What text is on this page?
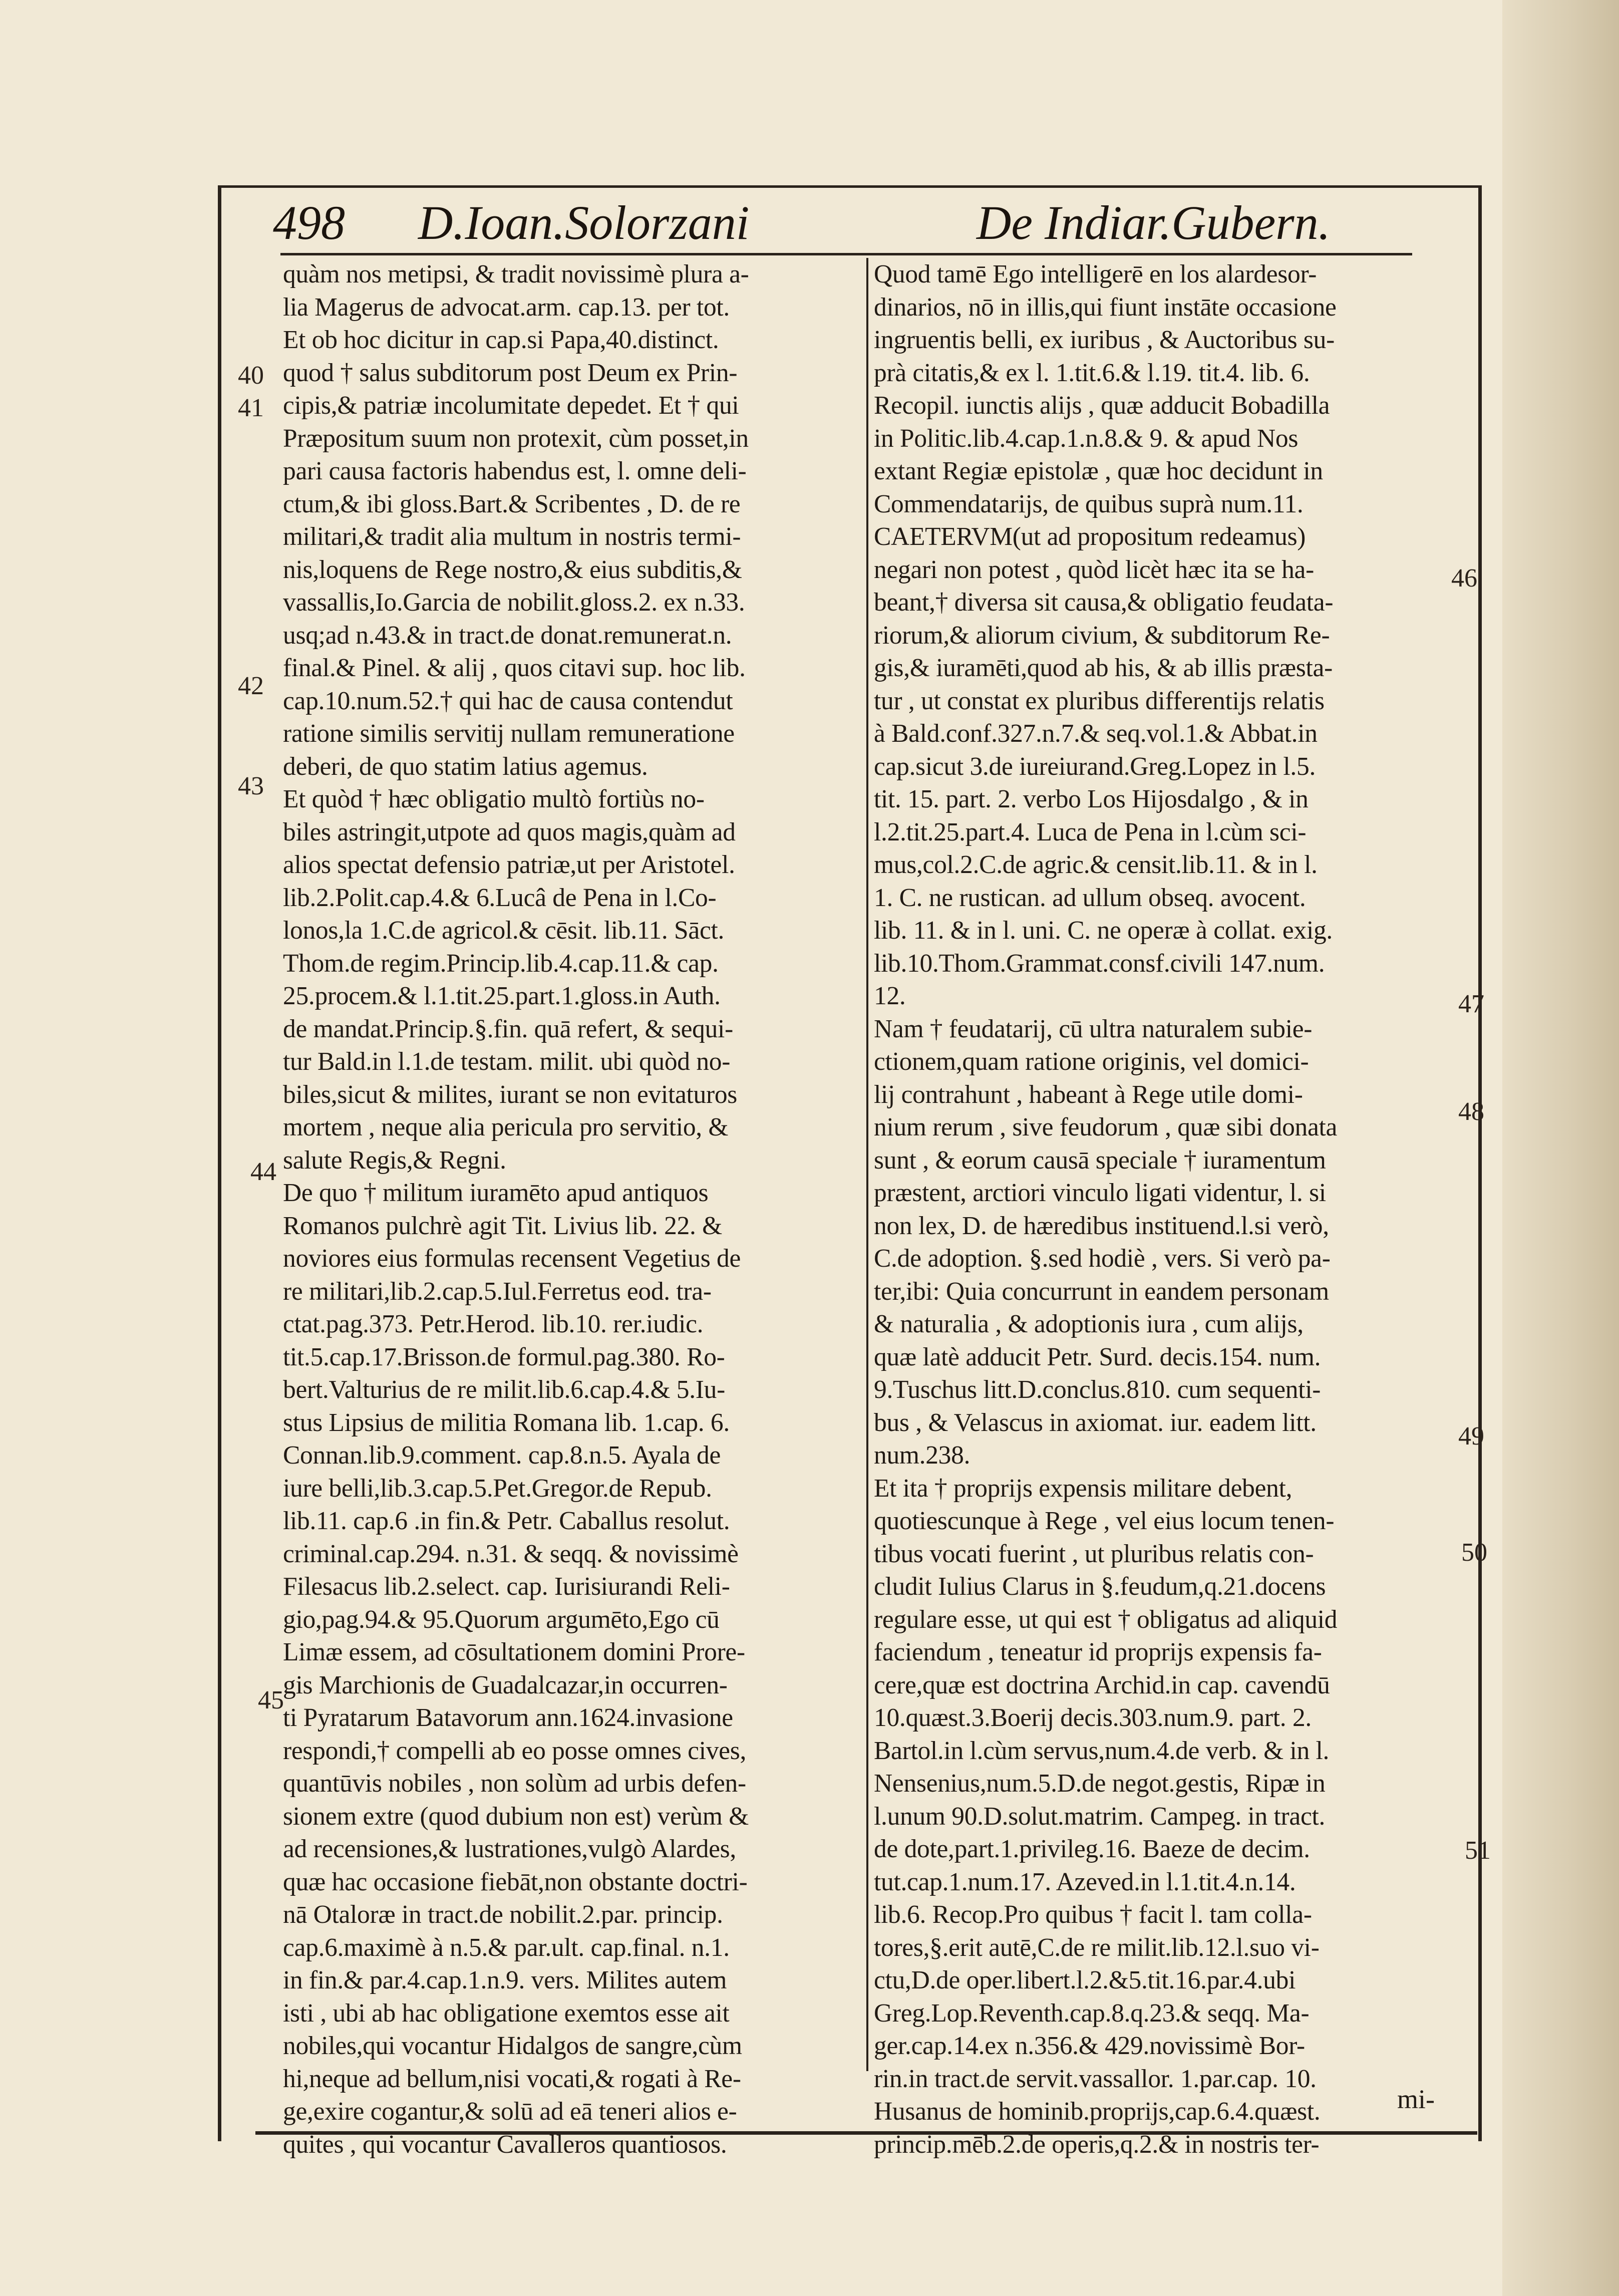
498 D.Ioan.Solorzani	De Indiar.Gubern.
quàm nos metipsi, & tradit novissimè plura a-
lia Magerus de advocat.arm. cap.13. per tot.
Et ob hoc dicitur in cap.si Papa,40.distinct.
quod † salus subditorum post Deum ex Prin-
cipis,& patriæ incolumitate depedet. Et † qui
Præpositum suum non protexit, cùm posset,in
pari causa factoris habendus est, l. omne deli-
ctum,& ibi gloss.Bart.& Scribentes , D. de re
militari,& tradit alia multum in nostris termi-
nis,loquens de Rege nostro,& eius subditis,&
vassallis,Io.Garcia de nobilit.gloss.2. ex n.33.
usq;ad n.43.& in tract.de donat.remunerat.n.
final.& Pinel. & alij , quos citavi sup. hoc lib.
cap.10.num.52.† qui hac de causa contendut
ratione similis servitij nullam remuneratione
deberi, de quo statim latius agemus.
Et quòd † hæc obligatio multò fortiùs no-
biles astringit,utpote ad quos magis,quàm ad
alios spectat defensio patriæ,ut per Aristotel.
lib.2.Polit.cap.4.& 6.Lucâ de Pena in l.Co-
lonos,la 1.C.de agricol.& cēsit. lib.11. Sāct.
Thom.de regim.Princip.lib.4.cap.11.& cap.
25.procem.& l.1.tit.25.part.1.gloss.in Auth.
de mandat.Princip.§.fin. quā refert, & sequi-
tur Bald.in l.1.de testam. milit. ubi quòd no-
biles,sicut & milites, iurant se non evitaturos
mortem , neque alia pericula pro servitio, &
salute Regis,& Regni.
De quo † militum iuramēto apud antiquos
Romanos pulchrè agit Tit. Livius lib. 22. &
noviores eius formulas recensent Vegetius de
re militari,lib.2.cap.5.Iul.Ferretus eod. tra-
ctat.pag.373. Petr.Herod. lib.10. rer.iudic.
tit.5.cap.17.Brisson.de formul.pag.380. Ro-
bert.Valturius de re milit.lib.6.cap.4.& 5.Iu-
stus Lipsius de militia Romana lib. 1.cap. 6.
Connan.lib.9.comment. cap.8.n.5. Ayala de
iure belli,lib.3.cap.5.Pet.Gregor.de Repub.
lib.11. cap.6 .in fin.& Petr. Caballus resolut.
criminal.cap.294. n.31. & seqq. & novissimè
Filesacus lib.2.select. cap. Iurisiurandi Reli-
gio,pag.94.& 95.Quorum argumēto,Ego cū
Limæ essem, ad cōsultationem domini Prore-
gis Marchionis de Guadalcazar,in occurren-
ti Pyratarum Batavorum ann.1624.invasione
respondi,† compelli ab eo posse omnes cives,
quantūvis nobiles , non solùm ad urbis defen-
sionem extre (quod dubium non est) verùm &
ad recensiones,& lustrationes,vulgò Alardes,
quæ hac occasione fiebāt,non obstante doctri-
nā Otaloræ in tract.de nobilit.2.par. princip.
cap.6.maximè à n.5.& par.ult. cap.final. n.1.
in fin.& par.4.cap.1.n.9. vers. Milites autem
isti , ubi ab hac obligatione exemtos esse ait
nobiles,qui vocantur Hidalgos de sangre,cùm
hi,neque ad bellum,nisi vocati,& rogati à Re-
ge,exire cogantur,& solū ad eā teneri alios e-
quites , qui vocantur Cavalleros quantiosos.
Quod tamē Ego intelligerē en los alardesor-
dinarios, nō in illis,qui fiunt instāte occasione
ingruentis belli, ex iuribus , & Auctoribus su-
prà citatis,& ex l. 1.tit.6.& l.19. tit.4. lib. 6.
Recopil. iunctis alijs , quæ adducit Bobadilla
in Politic.lib.4.cap.1.n.8.& 9. & apud Nos
extant Regiæ epistolæ , quæ hoc decidunt in
Commendatarijs, de quibus suprà num.11.
CAETERVM(ut ad propositum redeamus)
negari non potest , quòd licèt hæc ita se ha-
beant,† diversa sit causa,& obligatio feudata-
riorum,& aliorum civium, & subditorum Re-
gis,& iuramēti,quod ab his, & ab illis præsta-
tur , ut constat ex pluribus differentijs relatis
à Bald.conf.327.n.7.& seq.vol.1.& Abbat.in
cap.sicut 3.de iureiurand.Greg.Lopez in l.5.
tit. 15. part. 2. verbo Los Hijosdalgo , & in
l.2.tit.25.part.4. Luca de Pena in l.cùm sci-
mus,col.2.C.de agric.& censit.lib.11. & in l.
1. C. ne rustican. ad ullum obseq. avocent.
lib. 11. & in l. uni. C. ne operæ à collat. exig.
lib.10.Thom.Grammat.consf.civili 147.num.
12.
Nam † feudatarij, cū ultra naturalem subie-
ctionem,quam ratione originis, vel domici-
lij contrahunt , habeant à Rege utile domi-
nium rerum , sive feudorum , quæ sibi donata
sunt , & eorum causā speciale † iuramentum
præstent, arctiori vinculo ligati videntur, l. si
non lex, D. de hæredibus instituend.l.si verò,
C.de adoption. §.sed hodiè , vers. Si verò pa-
ter,ibi: Quia concurrunt in eandem personam
& naturalia , & adoptionis iura , cum alijs,
quæ latè adducit Petr. Surd. decis.154. num.
9.Tuschus litt.D.conclus.810. cum sequenti-
bus , & Velascus in axiomat. iur. eadem litt.
num.238.
Et ita † proprijs expensis militare debent,
quotiescunque à Rege , vel eius locum tenen-
tibus vocati fuerint , ut pluribus relatis con-
cludit Iulius Clarus in §.feudum,q.21.docens
regulare esse, ut qui est † obligatus ad aliquid
faciendum , teneatur id proprijs expensis fa-
cere,quæ est doctrina Archid.in cap. cavendū
10.quæst.3.Boerij decis.303.num.9. part. 2.
Bartol.in l.cùm servus,num.4.de verb. & in l.
Nensenius,num.5.D.de negot.gestis, Ripæ in
l.unum 90.D.solut.matrim. Campeg. in tract.
de dote,part.1.privileg.16. Baeze de decim.
tut.cap.1.num.17. Azeved.in l.1.tit.4.n.14.
lib.6. Recop.Pro quibus † facit l. tam colla-
tores,§.erit autē,C.de re milit.lib.12.l.suo vi-
ctu,D.de oper.libert.l.2.&5.tit.16.par.4.ubi
Greg.Lop.Reventh.cap.8.q.23.& seqq. Ma-
ger.cap.14.ex n.356.& 429.novissimè Bor-
rin.in tract.de servit.vassallor. 1.par.cap. 10.
Husanus de hominib.proprijs,cap.6.4.quæst.
princip.mēb.2.de operis,q.2.& in nostris ter-
40
41
42
43
44
45
46
47
48
49
50
51
mi-
